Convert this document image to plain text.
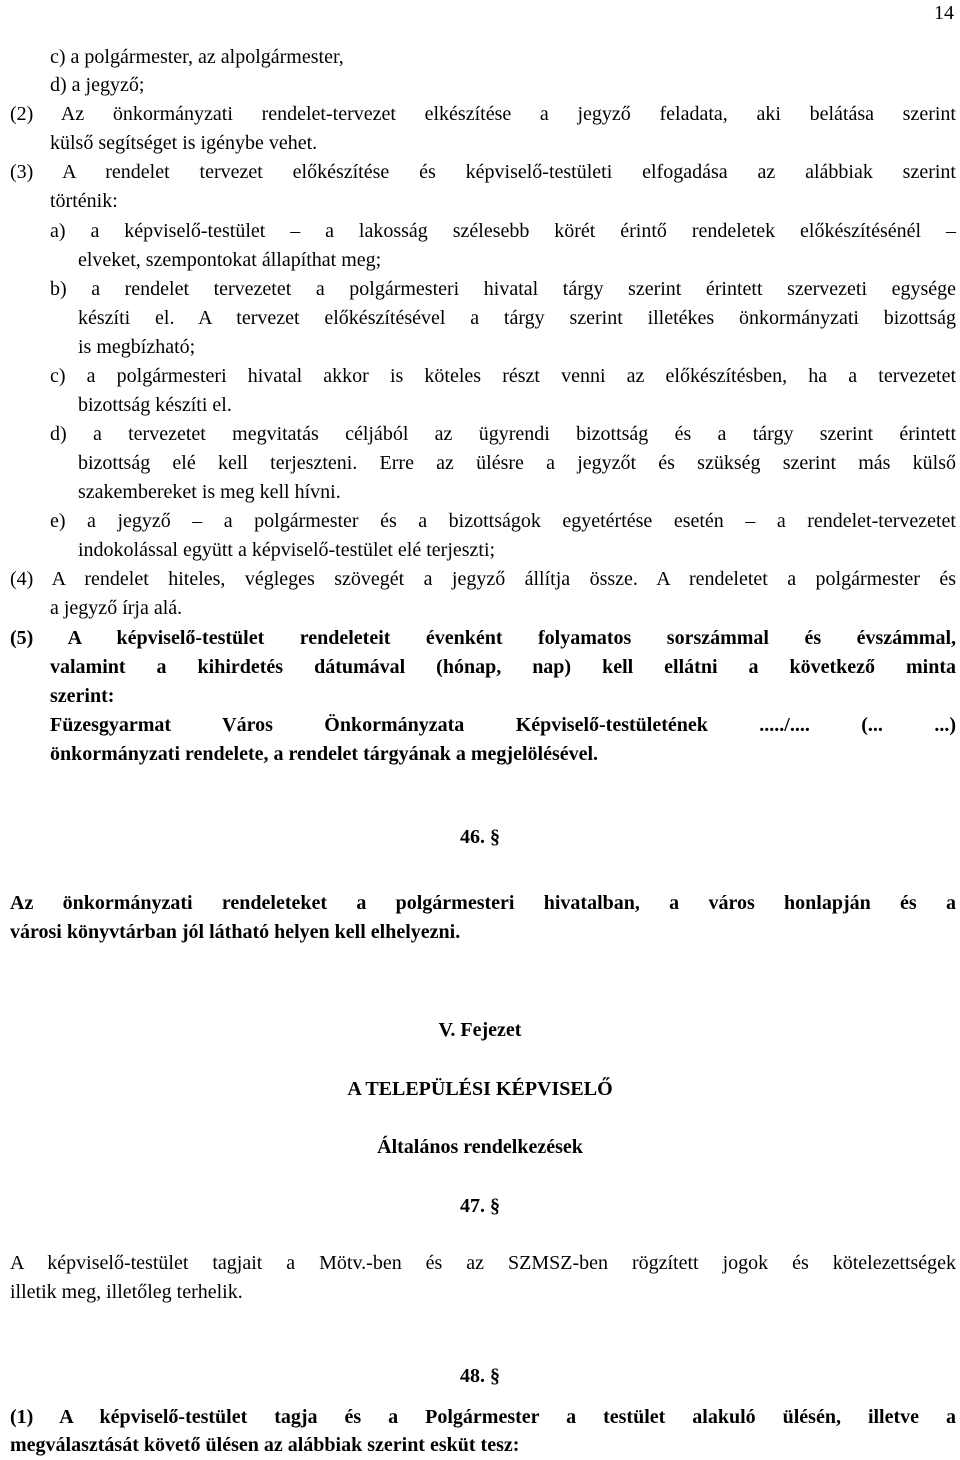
14
c) a polgármester, az alpolgármester,
d) a jegyző;
(2) Az önkormányzati rendelet-tervezet elkészítése a jegyző feladata, aki belátása szerint
külső segítséget is igénybe vehet.
(3) A rendelet tervezet előkészítése és képviselő-testületi elfogadása az alábbiak szerint
történik:
a) a képviselő-testület – a lakosság szélesebb körét érintő rendeletek előkészítésénél –
elveket, szempontokat állapíthat meg;
b) a rendelet tervezetet a polgármesteri hivatal tárgy szerint érintett szervezeti egysége
készíti el. A tervezet előkészítésével a tárgy szerint illetékes önkormányzati bizottság
is megbízható;
c) a polgármesteri hivatal akkor is köteles részt venni az előkészítésben, ha a tervezetet
bizottság készíti el.
d) a tervezetet megvitatás céljából az ügyrendi bizottság és a tárgy szerint érintett
bizottság elé kell terjeszteni. Erre az ülésre a jegyzőt és szükség szerint más külső
szakembereket is meg kell hívni.
e) a jegyző – a polgármester és a bizottságok egyetértése esetén – a rendelet-tervezetet
indokolással együtt a képviselő-testület elé terjeszti;
(4) A rendelet hiteles, végleges szövegét a jegyző állítja össze. A rendeletet a polgármester és
a jegyző írja alá.
(5) A képviselő-testület rendeleteit évenként folyamatos sorszámmal és évszámmal,
valamint a kihirdetés dátumával (hónap, nap) kell ellátni a következő minta
szerint:
Füzesgyarmat Város Önkormányzata Képviselő-testületének ...../.... (... ...)
önkormányzati rendelete, a rendelet tárgyának a megjelölésével.
46. §
Az önkormányzati rendeleteket a polgármesteri hivatalban, a város honlapján és a
városi könyvtárban jól látható helyen kell elhelyezni.
V. Fejezet
A TELEPÜLÉSI KÉPVISELŐ
Általános rendelkezések
47. §
A képviselő-testület tagjait a Mötv.-ben és az SZMSZ-ben rögzített jogok és kötelezettségek
illetik meg, illetőleg terhelik.
48. §
(1) A képviselő-testület tagja és a Polgármester a testület alakuló ülésén, illetve a
megválasztását követő ülésen az alábbiak szerint esküt tesz:
